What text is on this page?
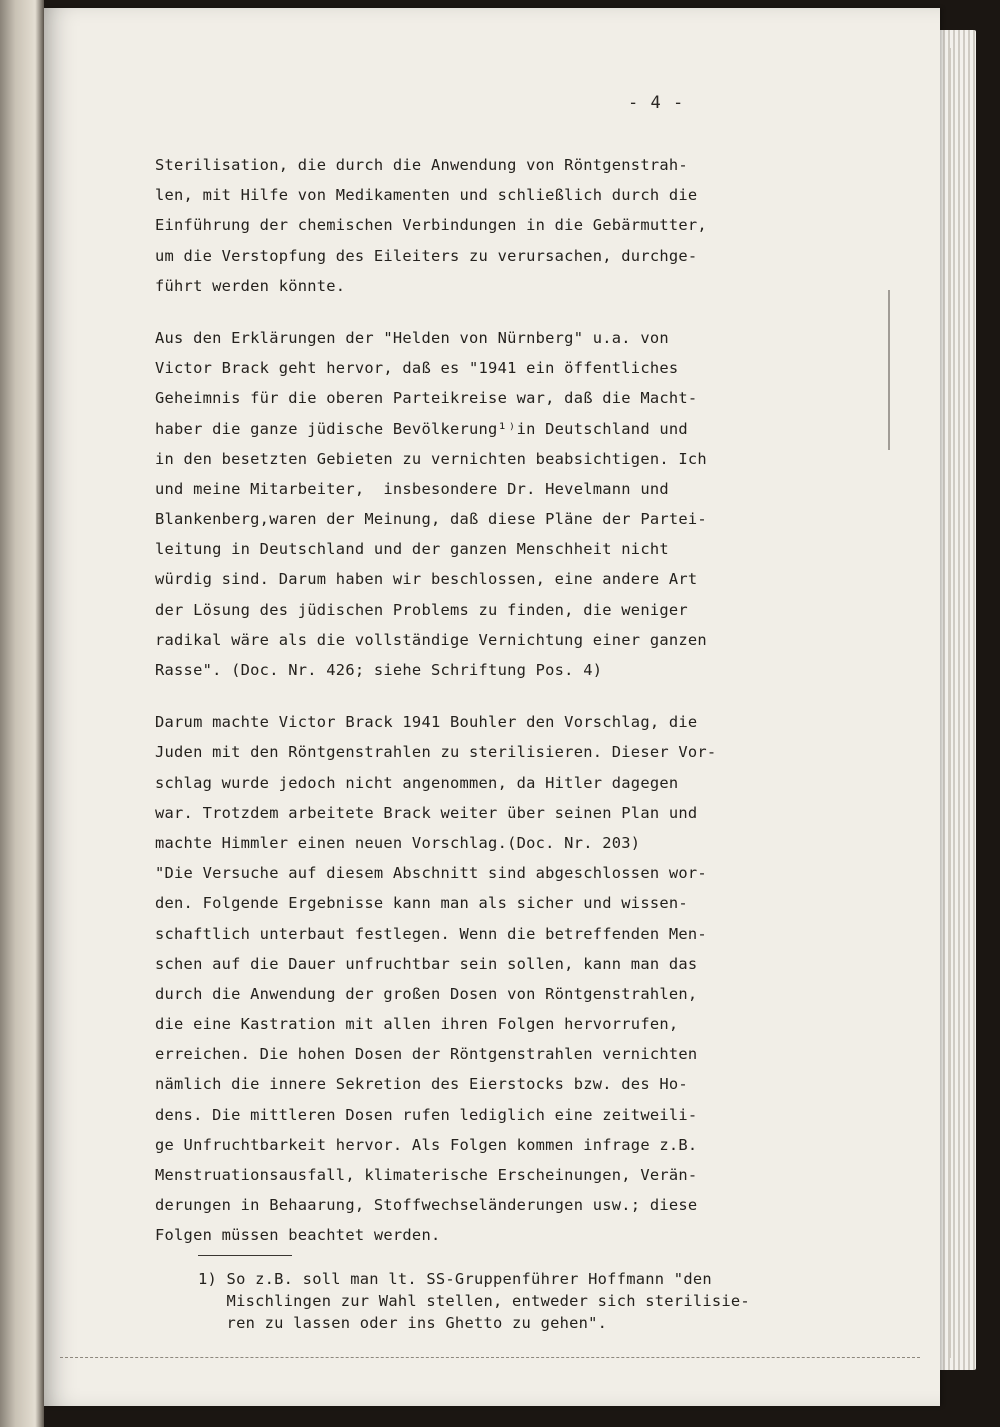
- 4 -
Sterilisation, die durch die Anwendung von Röntgenstrah-
len, mit Hilfe von Medikamenten und schließlich durch die
Einführung der chemischen Verbindungen in die Gebärmutter,
um die Verstopfung des Eileiters zu verursachen, durchge-
führt werden könnte.
Aus den Erklärungen der "Helden von Nürnberg" u.a. von
Victor Brack geht hervor, daß es "1941 ein öffentliches
Geheimnis für die oberen Parteikreise war, daß die Macht-
haber die ganze jüdische Bevölkerung¹⁾in Deutschland und
in den besetzten Gebieten zu vernichten beabsichtigen. Ich
und meine Mitarbeiter,  insbesondere Dr. Hevelmann und
Blankenberg,waren der Meinung, daß diese Pläne der Partei-
leitung in Deutschland und der ganzen Menschheit nicht
würdig sind. Darum haben wir beschlossen, eine andere Art
der Lösung des jüdischen Problems zu finden, die weniger
radikal wäre als die vollständige Vernichtung einer ganzen
Rasse". (Doc. Nr. 426; siehe Schriftung Pos. 4)
Darum machte Victor Brack 1941 Bouhler den Vorschlag, die
Juden mit den Röntgenstrahlen zu sterilisieren. Dieser Vor-
schlag wurde jedoch nicht angenommen, da Hitler dagegen
war. Trotzdem arbeitete Brack weiter über seinen Plan und
machte Himmler einen neuen Vorschlag.(Doc. Nr. 203)
"Die Versuche auf diesem Abschnitt sind abgeschlossen wor-
den. Folgende Ergebnisse kann man als sicher und wissen-
schaftlich unterbaut festlegen. Wenn die betreffenden Men-
schen auf die Dauer unfruchtbar sein sollen, kann man das
durch die Anwendung der großen Dosen von Röntgenstrahlen,
die eine Kastration mit allen ihren Folgen hervorrufen,
erreichen. Die hohen Dosen der Röntgenstrahlen vernichten
nämlich die innere Sekretion des Eierstocks bzw. des Ho-
dens. Die mittleren Dosen rufen lediglich eine zeitweili-
ge Unfruchtbarkeit hervor. Als Folgen kommen infrage z.B.
Menstruationsausfall, klimaterische Erscheinungen, Verän-
derungen in Behaarung, Stoffwechseländerungen usw.; diese
Folgen müssen beachtet werden.
1) So z.B. soll man lt. SS-Gruppenführer Hoffmann "den
Mischlingen zur Wahl stellen, entweder sich sterilisie-
ren zu lassen oder ins Ghetto zu gehen".
